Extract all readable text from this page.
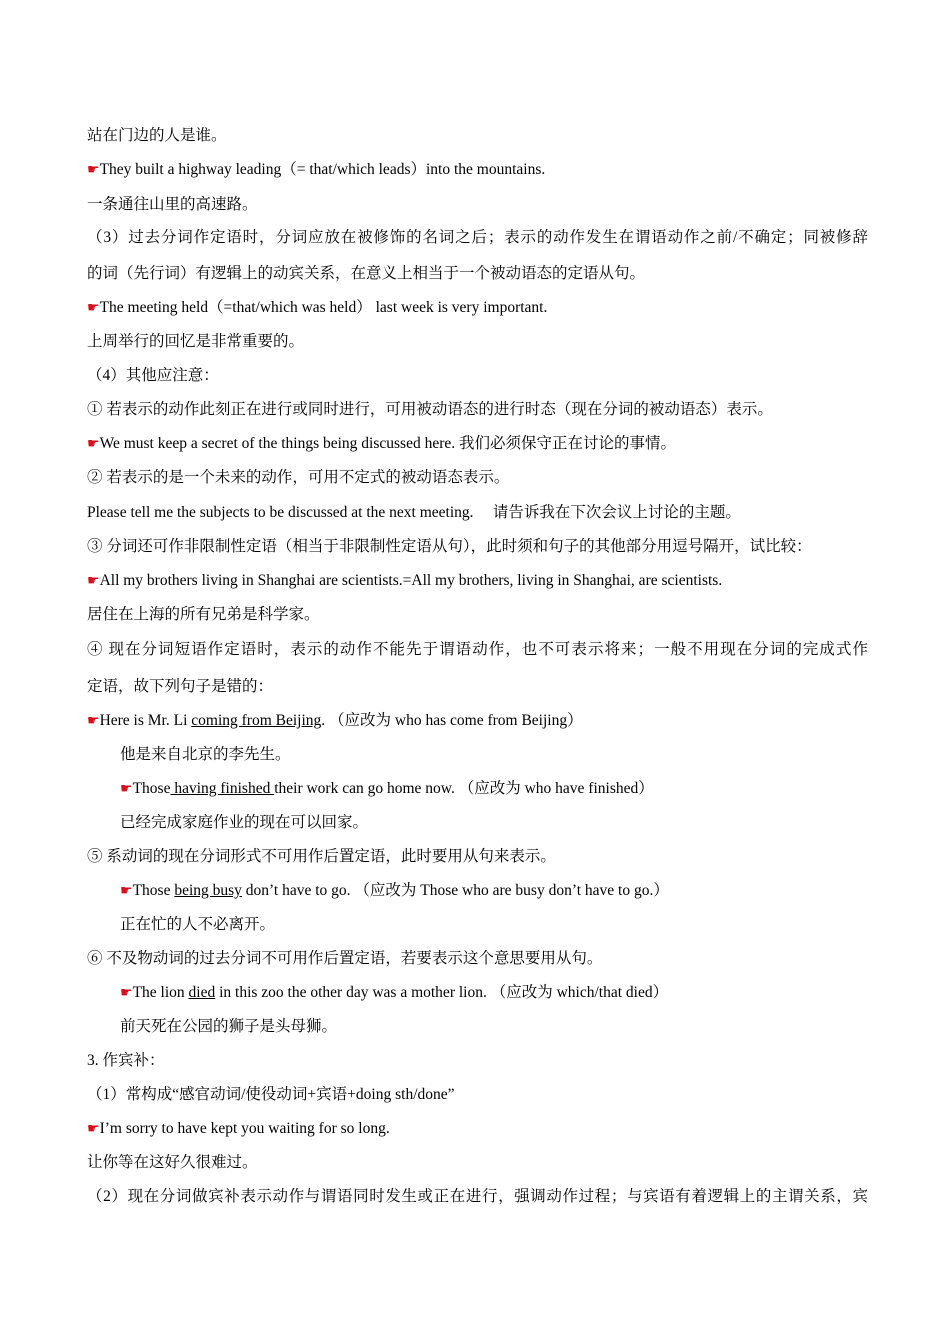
站在门边的人是谁。
☛They built a highway leading（= that/which leads）into the mountains.
一条通往山里的高速路。
（3）过去分词作定语时，分词应放在被修饰的名词之后；表示的动作发生在谓语动作之前/不确定；同被修辞
的词（先行词）有逻辑上的动宾关系，在意义上相当于一个被动语态的定语从句。
☛The meeting held（=that/which was held） last week is very important.
上周举行的回忆是非常重要的。
（4）其他应注意：
① 若表示的动作此刻正在进行或同时进行，可用被动语态的进行时态（现在分词的被动语态）表示。
☛We must keep a secret of the things being discussed here. 我们必须保守正在讨论的事情。
② 若表示的是一个未来的动作，可用不定式的被动语态表示。
Please tell me the subjects to be discussed at the next meeting.　 请告诉我在下次会议上讨论的主题。
③ 分词还可作非限制性定语（相当于非限制性定语从句），此时须和句子的其他部分用逗号隔开，试比较：
☛All my brothers living in Shanghai are scientists.=All my brothers, living in Shanghai, are scientists.
居住在上海的所有兄弟是科学家。
④ 现在分词短语作定语时，表示的动作不能先于谓语动作，也不可表示将来；一般不用现在分词的完成式作
定语，故下列句子是错的：
☛Here is Mr. Li coming from Beijing. （应改为 who has come from Beijing）
他是来自北京的李先生。
☛Those having finished their work can go home now. （应改为 who have finished）
已经完成家庭作业的现在可以回家。
⑤ 系动词的现在分词形式不可用作后置定语，此时要用从句来表示。
☛Those being busy don’t have to go. （应改为 Those who are busy don’t have to go.）
正在忙的人不必离开。
⑥ 不及物动词的过去分词不可用作后置定语，若要表示这个意思要用从句。
☛The lion died in this zoo the other day was a mother lion. （应改为 which/that died）
前天死在公园的狮子是头母狮。
3. 作宾补：
（1）常构成“感官动词/使役动词+宾语+doing sth/done”
☛I’m sorry to have kept you waiting for so long.
让你等在这好久很难过。
（2）现在分词做宾补表示动作与谓语同时发生或正在进行，强调动作过程；与宾语有着逻辑上的主谓关系，宾
